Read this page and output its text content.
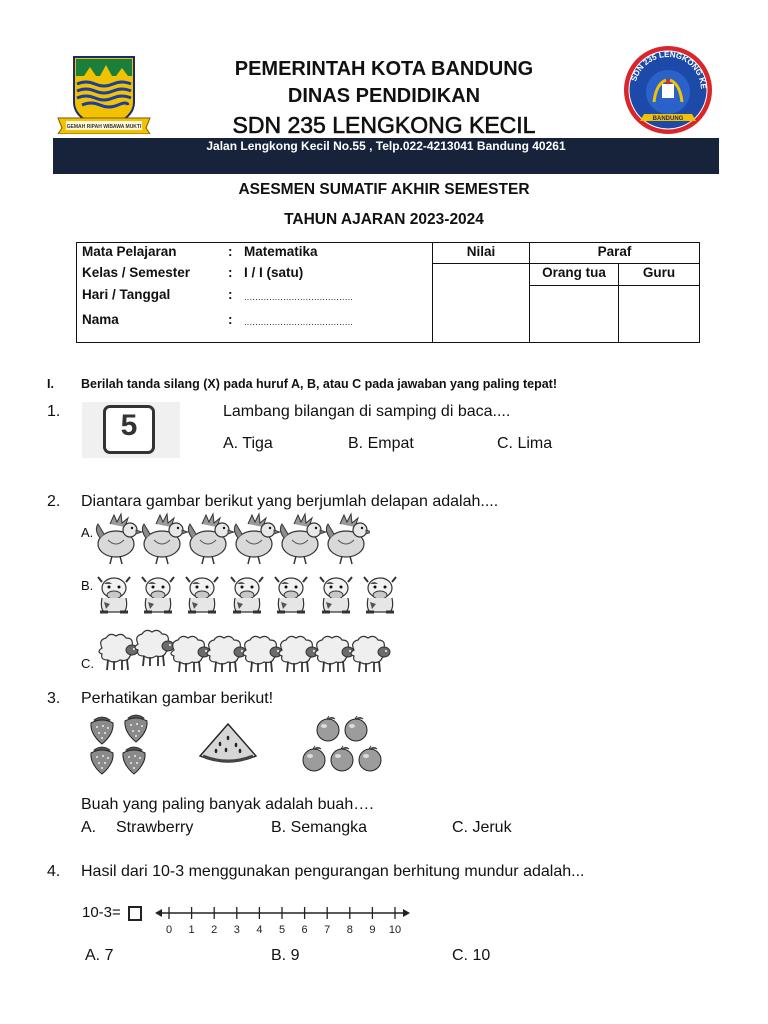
GEMAH RIPAH WIBAWA MUKTI
PEMERINTAH KOTA BANDUNG
DINAS PENDIDIKAN
SDN 235 LENGKONG KECIL
SDN 235 LENGKONG KE
BANDUNG
Jalan Lengkong Kecil No.55 , Telp.022-4213041 Bandung 40261
ASESMEN SUMATIF AKHIR SEMESTER
TAHUN AJARAN 2023-2024
Mata Pelajaran	: Matematika
Kelas / Semester	: I / I (satu)
Hari / Tanggal	: .......................................
Nama	: .......................................
Nilai	Paraf
Orang tua	Guru
I. Berilah tanda silang (X) pada huruf A, B, atau C pada jawaban yang paling tepat!
1.	5	Lambang bilangan di samping di baca....
A. Tiga	B. Empat	C. Lima
2. Diantara gambar berikut yang berjumlah delapan adalah....
A.
B.
C.
3. Perhatikan gambar berikut!
Buah yang paling banyak adalah buah….
A. Strawberry	B. Semangka	C. Jeruk
4. Hasil dari 10-3 menggunakan pengurangan berhitung mundur adalah...
10-3=
0 1 2 3 4 5 6 7 8 9 10
A. 7	B. 9	C. 10
